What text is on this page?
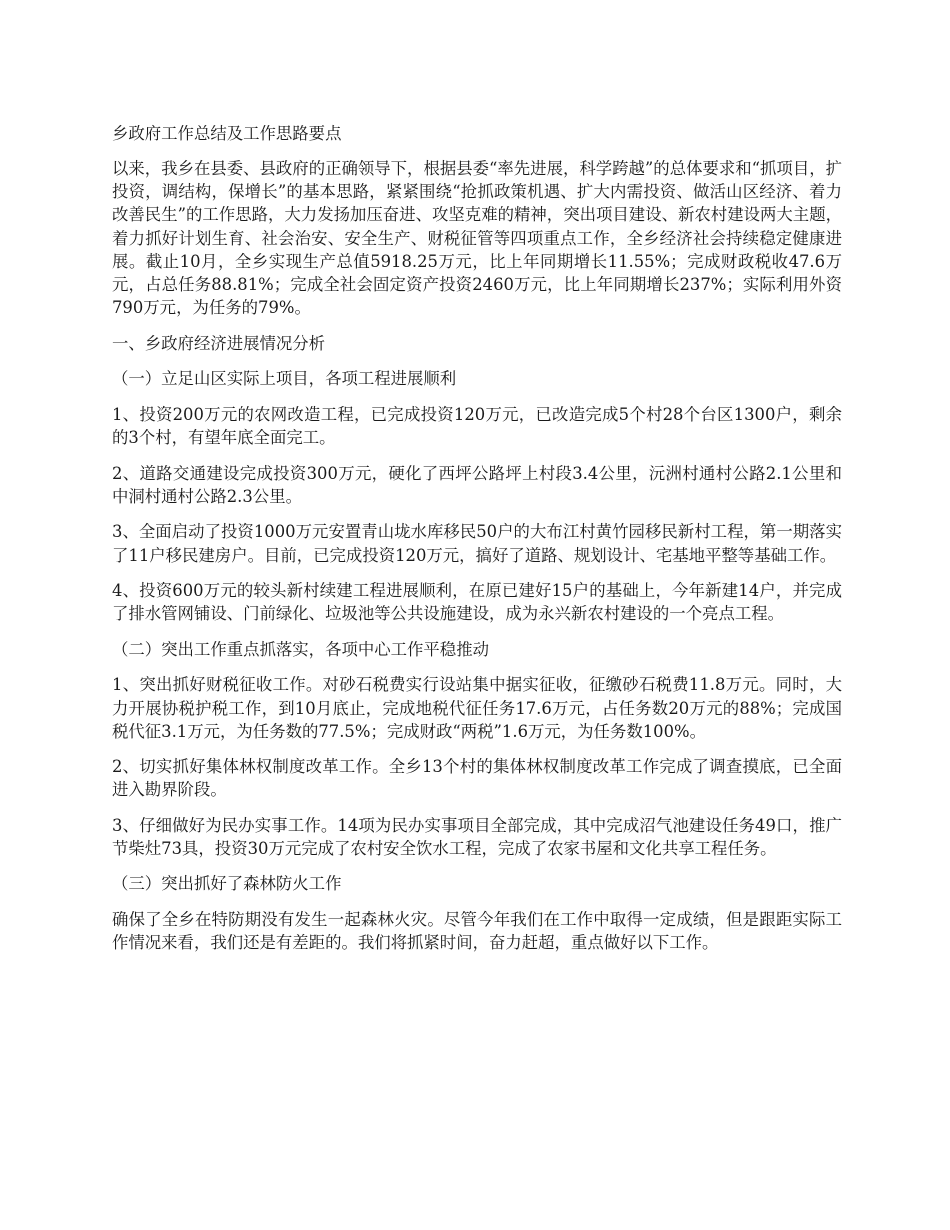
乡政府工作总结及工作思路要点

以来，我乡在县委、县政府的正确领导下，根据县委“率先进展，科学跨越”的总体要求和“抓项目，扩投资，调结构，保增长”的基本思路，紧紧围绕“抢抓政策机遇、扩大内需投资、做活山区经济、着力改善民生”的工作思路，大力发扬加压奋进、攻坚克难的精神，突出项目建设、新农村建设两大主题，着力抓好计划生育、社会治安、安全生产、财税征管等四项重点工作，全乡经济社会持续稳定健康进展。截止10月，全乡实现生产总值5918.25万元，比上年同期增长11.55%；完成财政税收47.6万元，占总任务88.81%；完成全社会固定资产投资2460万元，比上年同期增长237%；实际利用外资790万元，为任务的79%。

一、乡政府经济进展情况分析

（一）立足山区实际上项目，各项工程进展顺利

1、投资200万元的农网改造工程，已完成投资120万元，已改造完成5个村28个台区1300户，剩余的3个村，有望年底全面完工。

2、道路交通建设完成投资300万元，硬化了西坪公路坪上村段3.4公里，沅洲村通村公路2.1公里和中洞村通村公路2.3公里。

3、全面启动了投资1000万元安置青山垅水库移民50户的大布江村黄竹园移民新村工程，第一期落实了11户移民建房户。目前，已完成投资120万元，搞好了道路、规划设计、宅基地平整等基础工作。

4、投资600万元的较头新村续建工程进展顺利，在原已建好15户的基础上，今年新建14户，并完成了排水管网铺设、门前绿化、垃圾池等公共设施建设，成为永兴新农村建设的一个亮点工程。

（二）突出工作重点抓落实，各项中心工作平稳推动

1、突出抓好财税征收工作。对砂石税费实行设站集中据实征收，征缴砂石税费11.8万元。同时，大力开展协税护税工作，到10月底止，完成地税代征任务17.6万元，占任务数20万元的88%；完成国税代征3.1万元，为任务数的77.5%；完成财政“两税”1.6万元，为任务数100%。

2、切实抓好集体林权制度改革工作。全乡13个村的集体林权制度改革工作完成了调查摸底，已全面进入勘界阶段。

3、仔细做好为民办实事工作。14项为民办实事项目全部完成，其中完成沼气池建设任务49口，推广节柴灶73具，投资30万元完成了农村安全饮水工程，完成了农家书屋和文化共享工程任务。

（三）突出抓好了森林防火工作

确保了全乡在特防期没有发生一起森林火灾。尽管今年我们在工作中取得一定成绩，但是跟距实际工作情况来看，我们还是有差距的。我们将抓紧时间，奋力赶超，重点做好以下工作。
